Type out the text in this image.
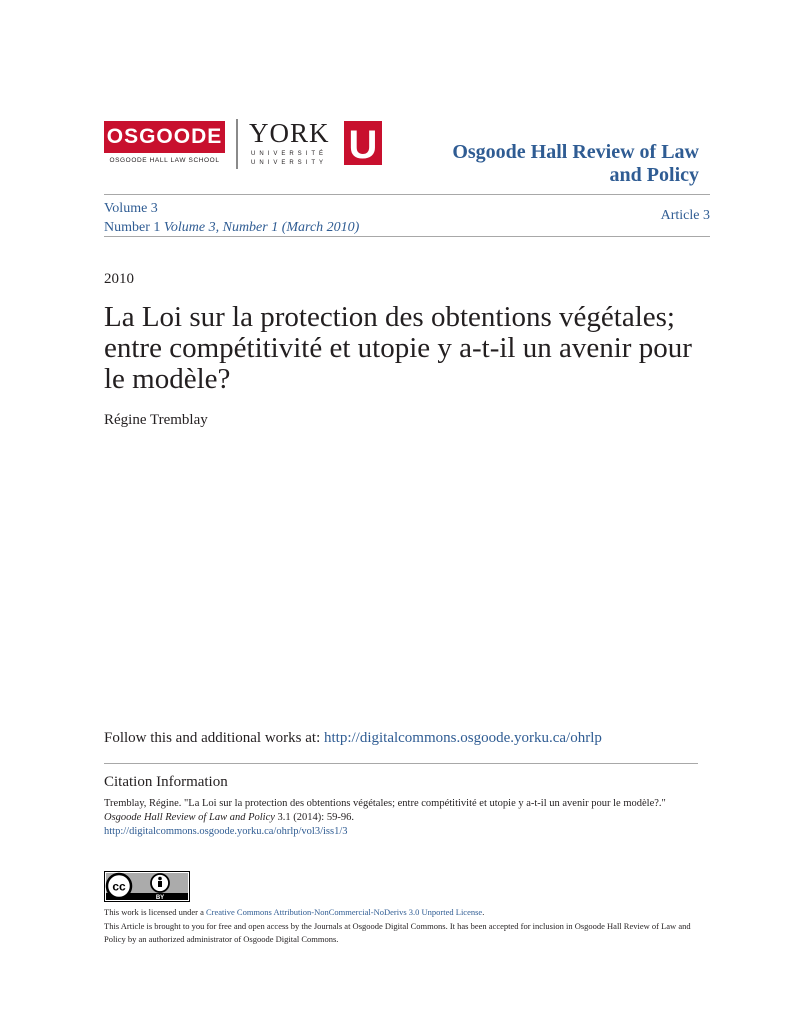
OSGOODE
OSGOODE HALL LAW SCHOOL
YORK
UNIVERSITÉ
UNIVERSITY U	Osgoode Hall Review of Law
and Policy
Volume 3
Number 1 Volume 3, Number 1 (March 2010)
Article 3
2010
La Loi sur la protection des obtentions végétales; entre compétitivité et utopie y a-t-il un avenir pour le modèle?
Régine Tremblay
Follow this and additional works at: http://digitalcommons.osgoode.yorku.ca/ohrlp
Citation Information
Tremblay, Régine. "La Loi sur la protection des obtentions végétales; entre compétitivité et utopie y a-t-il un avenir pour le modèle?."
Osgoode Hall Review of Law and Policy 3.1 (2014): 59-96.
http://digitalcommons.osgoode.yorku.ca/ohrlp/vol3/iss1/3
cc
BY
This work is licensed under a Creative Commons Attribution-NonCommercial-NoDerivs 3.0 Unported License.
This Article is brought to you for free and open access by the Journals at Osgoode Digital Commons. It has been accepted for inclusion in Osgoode Hall Review of Law and Policy by an authorized administrator of Osgoode Digital Commons.
